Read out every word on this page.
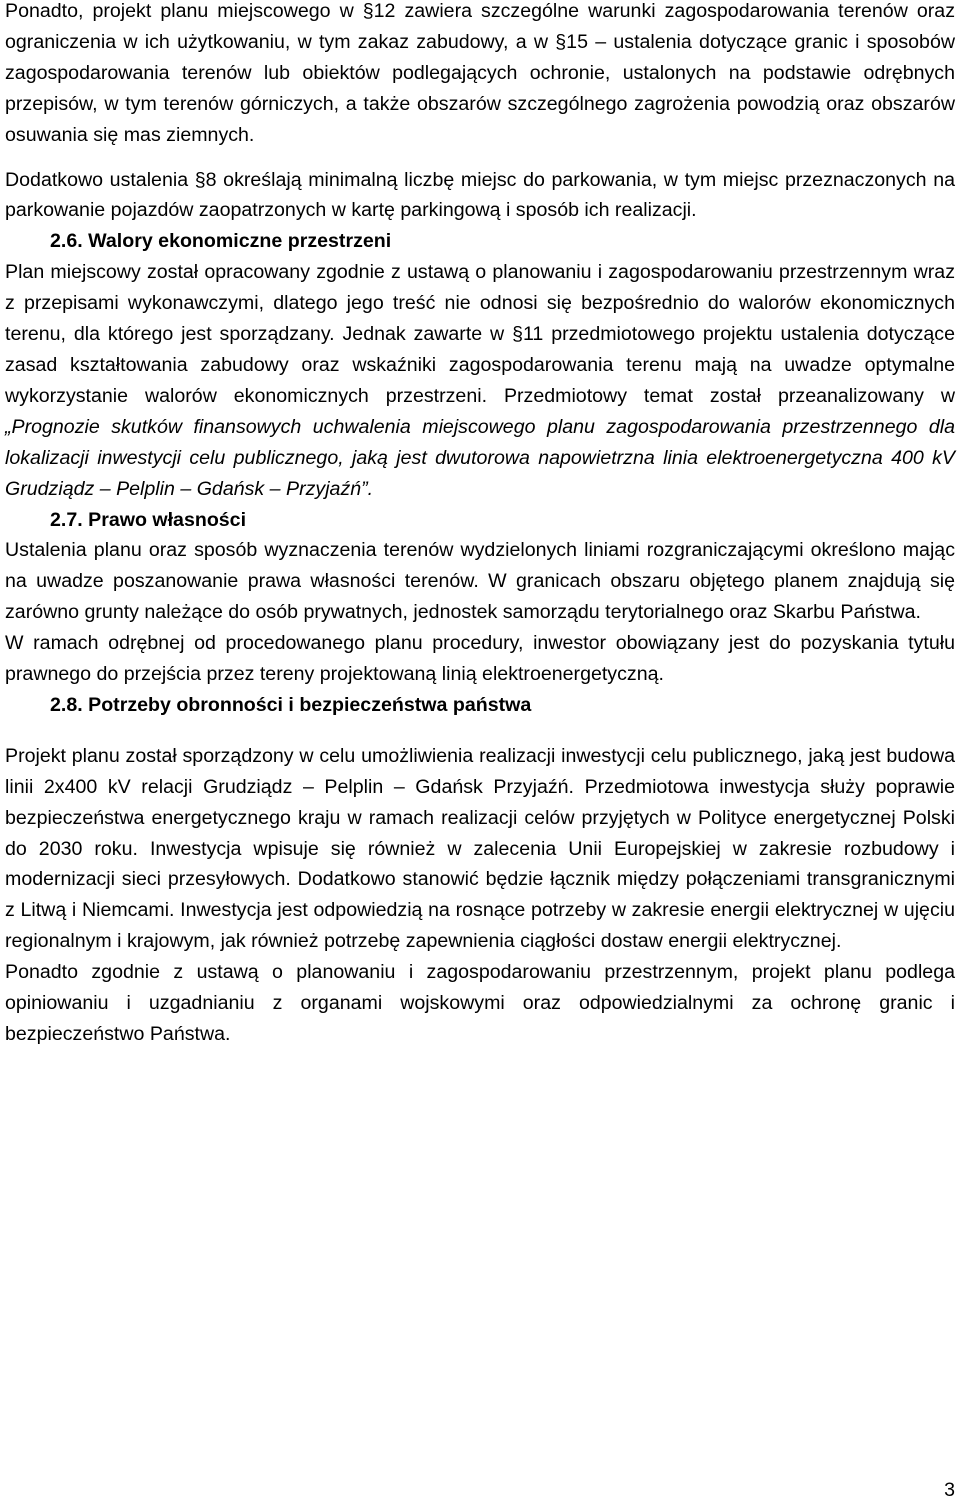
Ponadto, projekt planu miejscowego w §12 zawiera szczególne warunki zagospodarowania terenów oraz ograniczenia w ich użytkowaniu, w tym zakaz zabudowy, a w §15 – ustalenia dotyczące granic i sposobów zagospodarowania terenów lub obiektów podlegających ochronie, ustalonych na podstawie odrębnych przepisów, w tym terenów górniczych, a także obszarów szczególnego zagrożenia powodzią oraz obszarów osuwania się mas ziemnych.

Dodatkowo ustalenia §8 określają minimalną liczbę miejsc do parkowania, w tym miejsc przeznaczonych na parkowanie pojazdów zaopatrzonych w kartę parkingową i sposób ich realizacji.

2.6. Walory ekonomiczne przestrzeni

Plan miejscowy został opracowany zgodnie z ustawą o planowaniu i zagospodarowaniu przestrzennym wraz z przepisami wykonawczymi, dlatego jego treść nie odnosi się bezpośrednio do walorów ekonomicznych terenu, dla którego jest sporządzany. Jednak zawarte w §11 przedmiotowego projektu ustalenia dotyczące zasad kształtowania zabudowy oraz wskaźniki zagospodarowania terenu mają na uwadze optymalne wykorzystanie walorów ekonomicznych przestrzeni. Przedmiotowy temat został przeanalizowany w „Prognozie skutków finansowych uchwalenia miejscowego planu zagospodarowania przestrzennego dla lokalizacji inwestycji celu publicznego, jaką jest dwutorowa napowietrzna linia elektroenergetyczna 400 kV Grudziądz – Pelplin – Gdańsk – Przyjaźń”.

2.7. Prawo własności

Ustalenia planu oraz sposób wyznaczenia terenów wydzielonych liniami rozgraniczającymi określono mając na uwadze poszanowanie prawa własności terenów. W granicach obszaru objętego planem znajdują się zarówno grunty należące do osób prywatnych, jednostek samorządu terytorialnego oraz Skarbu Państwa.

W ramach odrębnej od procedowanego planu procedury, inwestor obowiązany jest do pozyskania tytułu prawnego do przejścia przez tereny projektowaną linią elektroenergetyczną.

2.8. Potrzeby obronności i bezpieczeństwa państwa

Projekt planu został sporządzony w celu umożliwienia realizacji inwestycji celu publicznego, jaką jest budowa linii 2x400 kV relacji Grudziądz – Pelplin – Gdańsk Przyjaźń. Przedmiotowa inwestycja służy poprawie bezpieczeństwa energetycznego kraju w ramach realizacji celów przyjętych w Polityce energetycznej Polski do 2030 roku. Inwestycja wpisuje się również w zalecenia Unii Europejskiej w zakresie rozbudowy i modernizacji sieci przesyłowych. Dodatkowo stanowić będzie łącznik między połączeniami transgranicznymi z Litwą i Niemcami. Inwestycja jest odpowiedzią na rosnące potrzeby w zakresie energii elektrycznej w ujęciu regionalnym i krajowym, jak również potrzebę zapewnienia ciągłości dostaw energii elektrycznej.

Ponadto zgodnie z ustawą o planowaniu i zagospodarowaniu przestrzennym, projekt planu podlega opiniowaniu i uzgadnianiu z organami wojskowymi oraz odpowiedzialnymi za ochronę granic i bezpieczeństwo Państwa.

3
